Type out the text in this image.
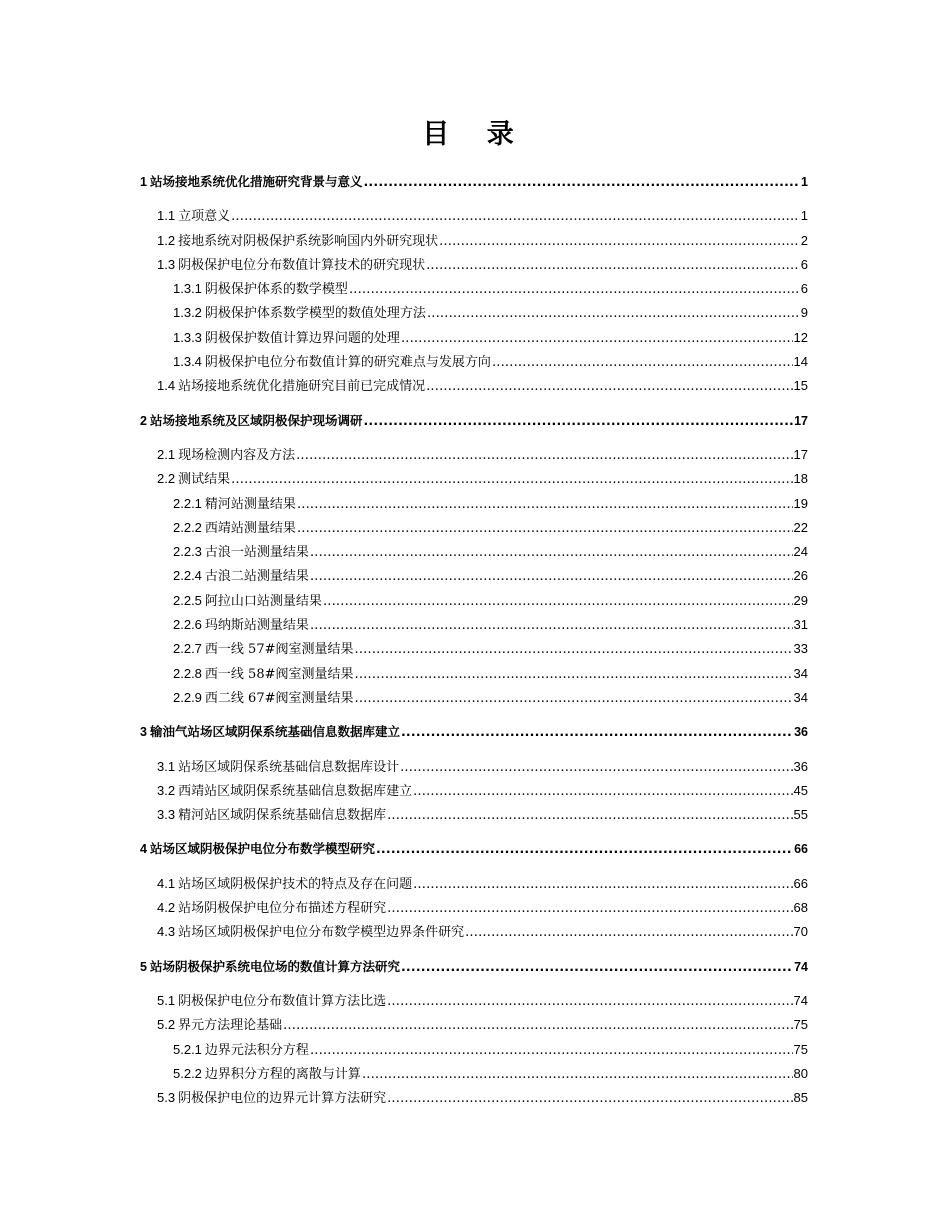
目 录
1 站场接地系统优化措施研究背景与意义 .....	1
1.1 立项意义 .....	1
1.2 接地系统对阴极保护系统影响国内外研究现状 .....	2
1.3 阴极保护电位分布数值计算技术的研究现状 .....	6
1.3.1 阴极保护体系的数学模型 .....	6
1.3.2 阴极保护体系数学模型的数值处理方法 .....	9
1.3.3 阴极保护数值计算边界问题的处理 .....	12
1.3.4 阴极保护电位分布数值计算的研究难点与发展方向 .....	14
1.4 站场接地系统优化措施研究目前已完成情况 .....	15
2 站场接地系统及区域阴极保护现场调研 .....	17
2.1 现场检测内容及方法 .....	17
2.2 测试结果 .....	18
2.2.1 精河站测量结果 .....	19
2.2.2 西靖站测量结果 .....	22
2.2.3 古浪一站测量结果 .....	24
2.2.4 古浪二站测量结果 .....	26
2.2.5 阿拉山口站测量结果 .....	29
2.2.6 玛纳斯站测量结果 .....	31
2.2.7 西一线 57#阀室测量结果 .....	33
2.2.8 西一线 58#阀室测量结果 .....	34
2.2.9 西二线 67#阀室测量结果 .....	34
3 输油气站场区域阴保系统基础信息数据库建立 .....	36
3.1 站场区域阴保系统基础信息数据库设计 .....	36
3.2 西靖站区域阴保系统基础信息数据库建立 .....	45
3.3 精河站区域阴保系统基础信息数据库 .....	55
4 站场区域阴极保护电位分布数学模型研究 .....	66
4.1 站场区域阴极保护技术的特点及存在问题 .....	66
4.2 站场阴极保护电位分布描述方程研究 .....	68
4.3 站场区域阴极保护电位分布数学模型边界条件研究 .....	70
5 站场阴极保护系统电位场的数值计算方法研究 .....	74
5.1 阴极保护电位分布数值计算方法比选 .....	74
5.2 界元方法理论基础 .....	75
5.2.1 边界元法积分方程 .....	75
5.2.2 边界积分方程的离散与计算 .....	80
5.3 阴极保护电位的边界元计算方法研究 .....	85
